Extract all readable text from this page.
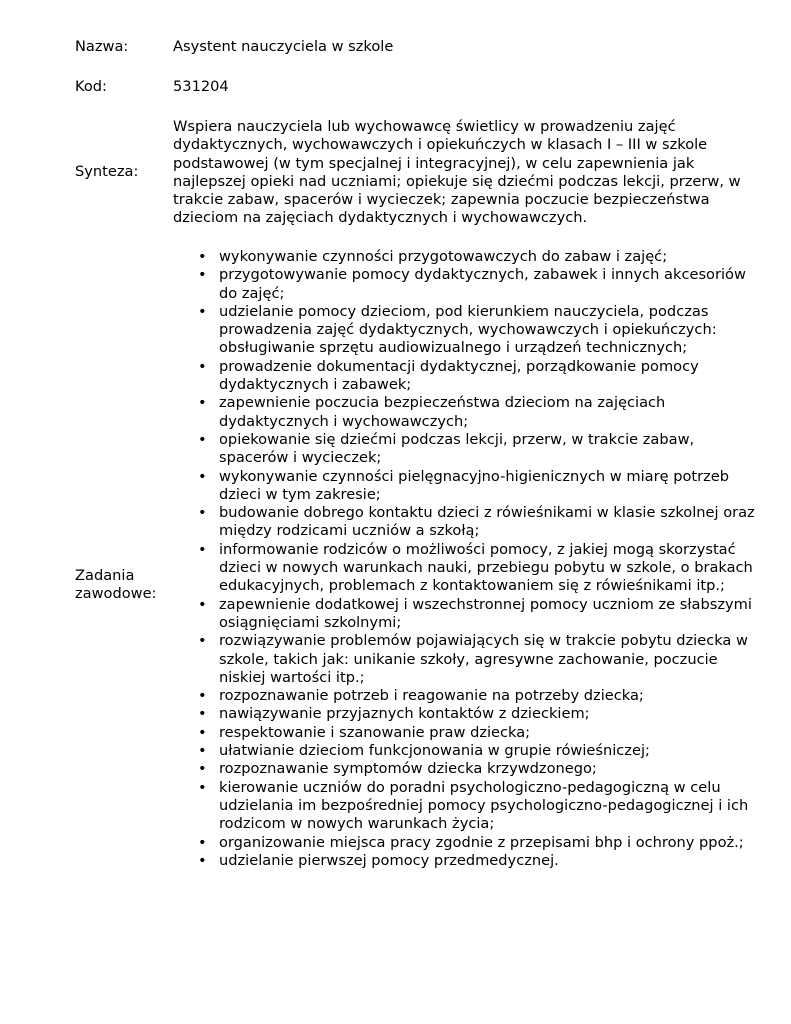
Nazwa:	Asystent nauczyciela w szkole
Kod:	531204
Synteza:
Wspiera nauczyciela lub wychowawcę świetlicy w prowadzeniu zajęć dydaktycznych, wychowawczych i opiekuńczych w klasach I – III w szkole podstawowej (w tym specjalnej i integracyjnej), w celu zapewnienia jak najlepszej opieki nad uczniami; opiekuje się dziećmi podczas lekcji, przerw, w trakcie zabaw, spacerów i wycieczek; zapewnia poczucie bezpieczeństwa dzieciom na zajęciach dydaktycznych i wychowawczych.
Zadania
zawodowe:
• wykonywanie czynności przygotowawczych do zabaw i zajęć;
• przygotowywanie pomocy dydaktycznych, zabawek i innych akcesoriów do zajęć;
• udzielanie pomocy dzieciom, pod kierunkiem nauczyciela, podczas prowadzenia zajęć dydaktycznych, wychowawczych i opiekuńczych: obsługiwanie sprzętu audiowizualnego i urządzeń technicznych;
• prowadzenie dokumentacji dydaktycznej, porządkowanie pomocy dydaktycznych i zabawek;
• zapewnienie poczucia bezpieczeństwa dzieciom na zajęciach dydaktycznych i wychowawczych;
• opiekowanie się dziećmi podczas lekcji, przerw, w trakcie zabaw, spacerów i wycieczek;
• wykonywanie czynności pielęgnacyjno-higienicznych w miarę potrzeb dzieci w tym zakresie;
• budowanie dobrego kontaktu dzieci z rówieśnikami w klasie szkolnej oraz między rodzicami uczniów a szkołą;
• informowanie rodziców o możliwości pomocy, z jakiej mogą skorzystać dzieci w nowych warunkach nauki, przebiegu pobytu w szkole, o brakach edukacyjnych, problemach z kontaktowaniem się z rówieśnikami itp.;
• zapewnienie dodatkowej i wszechstronnej pomocy uczniom ze słabszymi osiągnięciami szkolnymi;
• rozwiązywanie problemów pojawiających się w trakcie pobytu dziecka w szkole, takich jak: unikanie szkoły, agresywne zachowanie, poczucie niskiej wartości itp.;
• rozpoznawanie potrzeb i reagowanie na potrzeby dziecka;
• nawiązywanie przyjaznych kontaktów z dzieckiem;
• respektowanie i szanowanie praw dziecka;
• ułatwianie dzieciom funkcjonowania w grupie rówieśniczej;
• rozpoznawanie symptomów dziecka krzywdzonego;
• kierowanie uczniów do poradni psychologiczno-pedagogiczną w celu udzielania im bezpośredniej pomocy psychologiczno-pedagogicznej i ich rodzicom w nowych warunkach życia;
• organizowanie miejsca pracy zgodnie z przepisami bhp i ochrony ppoż.;
• udzielanie pierwszej pomocy przedmedycznej.
